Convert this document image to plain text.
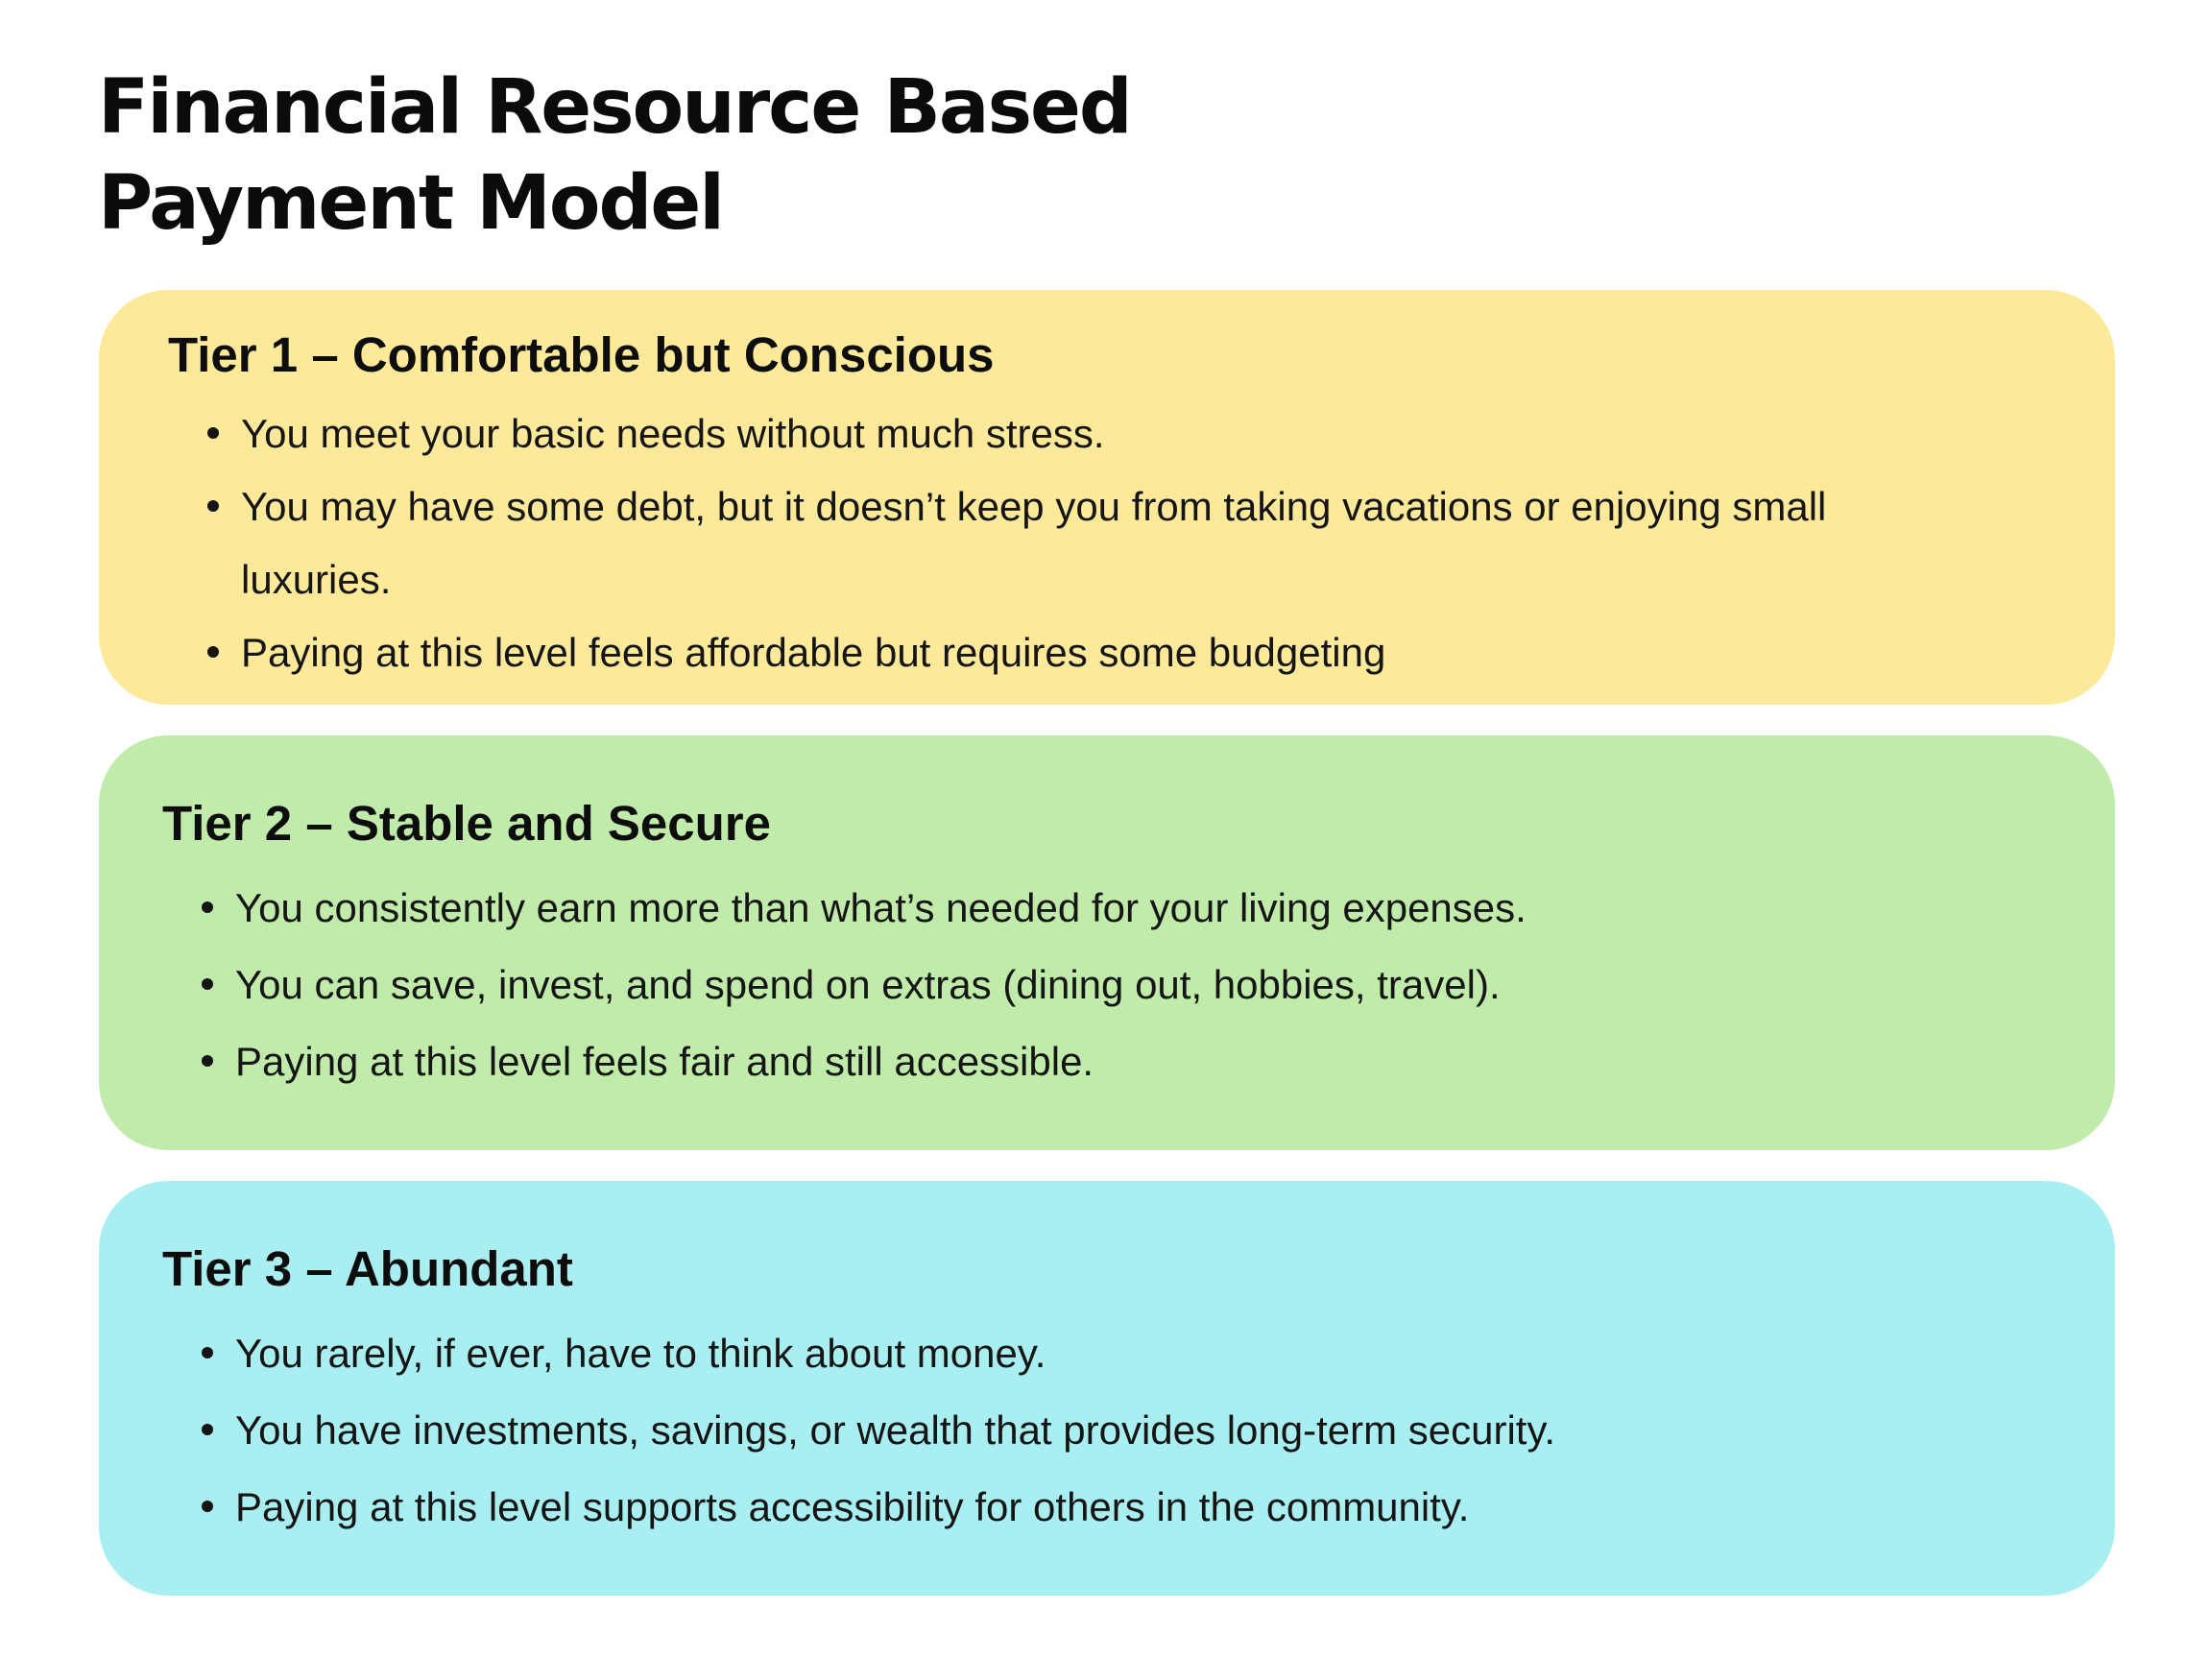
Financial Resource Based
Payment Model
Tier 1 – Comfortable but Conscious
You meet your basic needs without much stress.
You may have some debt, but it doesn’t keep you from taking vacations or enjoying small
luxuries.
Paying at this level feels affordable but requires some budgeting
Tier 2 – Stable and Secure
You consistently earn more than what’s needed for your living expenses.
You can save, invest, and spend on extras (dining out, hobbies, travel).
Paying at this level feels fair and still accessible.
Tier 3 – Abundant
You rarely, if ever, have to think about money.
You have investments, savings, or wealth that provides long-term security.
Paying at this level supports accessibility for others in the community.
